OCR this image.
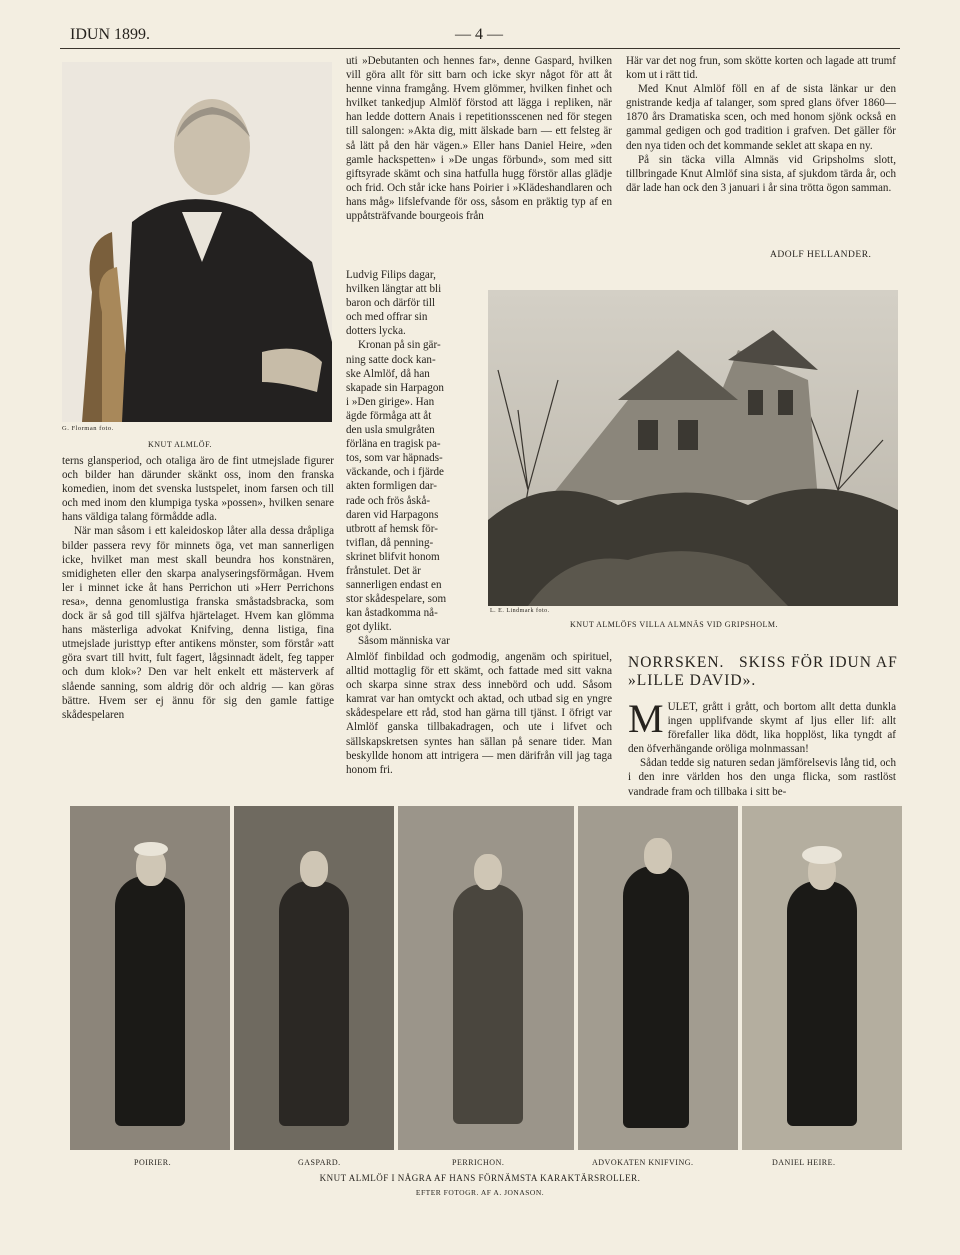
IDUN 1899.	— 4 —
G. Florman foto.
KNUT ALMLÖF.

terns glansperiod, och otaliga äro de fint utmejslade figurer och bilder han därunder skänkt oss, inom den franska komedien, inom det svenska lustspelet, inom farsen och till och med inom den klumpiga tyska »possen», hvilken senare hans väldiga talang förmådde adla.

När man såsom i ett kaleidoskop låter alla dessa dråpliga bilder passera revy för minnets öga, vet man sannerligen icke, hvilket man mest skall beundra hos konstnären, smidigheten eller den skarpa analyseringsförmågan. Hvem ler i minnet icke åt hans Perrichon uti »Herr Perrichons resa», denna genomlustiga franska småstadsbracka, som dock är så god till själfva hjärtelaget. Hvem kan glömma hans mästerliga advokat Knifving, denna listiga, fina utmejslade juristtyp efter antikens mönster, som förstår »att göra svart till hvitt, fult fagert, lågsinnadt ädelt, feg tapper och dum klok»? Den var helt enkelt ett mästerverk af slående sanning, som aldrig dör och aldrig — kan göras bättre. Hvem ser ej ännu för sig den gamle fattige skådespelaren

uti »Debutanten och hennes far», denne Gaspard, hvilken vill göra allt för sitt barn och icke skyr något för att åt henne vinna framgång. Hvem glömmer, hvilken finhet och hvilket tankedjup Almlöf förstod att lägga i repliken, när han ledde dottern Anais i repetitionsscenen ned för stegen till salongen: »Akta dig, mitt älskade barn — ett felsteg är så lätt på den här vägen.» Eller hans Daniel Heire, »den gamle hackspetten» i »De ungas förbund», som med sitt giftsyrade skämt och sina hatfulla hugg förstör allas glädje och frid. Och står icke hans Poirier i »Klädeshandlaren och hans måg» lifslefvande för oss, såsom en präktig typ af en uppåtsträfvande bourgeois från

Ludvig Filips dagar,
hvilken längtar att bli
baron och därför till
och med offrar sin
dotters lycka.
Kronan på sin gär-
ning satte dock kan-
ske Almlöf, då han
skapade sin Harpagon
i »Den girige». Han
ägde förmåga att åt
den usla smulgråten
förläna en tragisk pa-
tos, som var häpnads-
väckande, och i fjärde
akten formligen dar-
rade och frös åskå-
daren vid Harpagons
utbrott af hemsk för-
tviflan, då penning-
skrinet blifvit honom
frånstulet. Det är
sannerligen endast en
stor skådespelare, som
kan åstadkomma nå-
got dylikt.
Såsom människa var

Almlöf finbildad och godmodig, angenäm och spirituel, alltid mottaglig för ett skämt, och fattade med sitt vakna och skarpa sinne strax dess innebörd och udd. Såsom kamrat var han omtyckt och aktad, och utbad sig en yngre skådespelare ett råd, stod han gärna till tjänst. I öfrigt var Almlöf ganska tillbakadragen, och ute i lifvet och sällskapskretsen syntes han sällan på senare tider. Man beskyllde honom att intrigera — men därifrån vill jag taga honom fri.

Här var det nog frun, som skötte korten och lagade att trumf kom ut i rätt tid.

Med Knut Almlöf föll en af de sista länkar ur den gnistrande kedja af talanger, som spred glans öfver 1860—1870 års Dramatiska scen, och med honom sjönk också en gammal gedigen och god tradition i grafven. Det gäller för den nya tiden och det kommande seklet att skapa en ny.

På sin täcka villa Almnäs vid Gripsholms slott, tillbringade Knut Almlöf sina sista, af sjukdom tärda år, och där lade han ock den 3 januari i år sina trötta ögon samman.

ADOLF HELLANDER.
L. E. Lindmark foto.
KNUT ALMLÖFS VILLA ALMNÄS VID GRIPSHOLM.
NORRSKEN.   SKISS FÖR IDUN AF
»LILLE DAVID».

MULET, grått i grått, och bortom allt detta dunkla ingen upplifvande skymt af ljus eller lif: allt förefaller lika dödt, lika hopplöst, lika tyngdt af den öfverhängande oröliga molnmassan!

Sådan tedde sig naturen sedan jämförelsevis lång tid, och i den inre världen hos den unga flicka, som rastlöst vandrade fram och tillbaka i sitt be-

POIRIER.	GASPARD.	PERRICHON.	ADVOKATEN KNIFVING.	DANIEL HEIRE.
KNUT ALMLÖF I NÅGRA AF HANS FÖRNÄMSTA KARAKTÄRSROLLER.
EFTER FOTOGR. AF A. JONASON.
